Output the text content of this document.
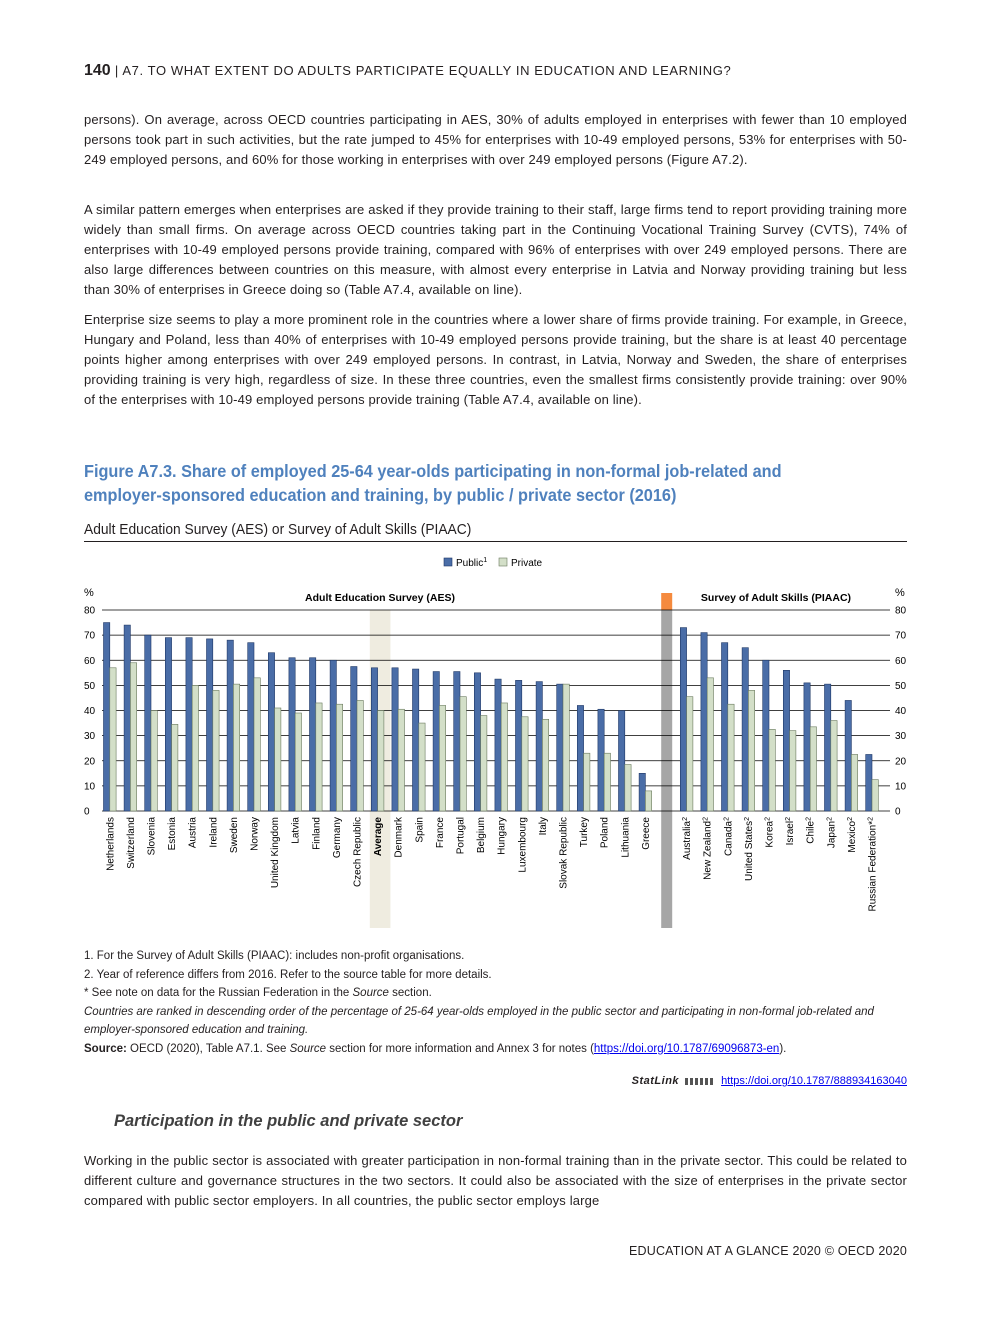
140 | A7. TO WHAT EXTENT DO ADULTS PARTICIPATE EQUALLY IN EDUCATION AND LEARNING?

persons). On average, across OECD countries participating in AES, 30% of adults employed in enterprises with fewer than 10 employed persons took part in such activities, but the rate jumped to 45% for enterprises with 10-49 employed persons, 53% for enterprises with 50-249 employed persons, and 60% for those working in enterprises with over 249 employed persons (Figure A7.2).

A similar pattern emerges when enterprises are asked if they provide training to their staff, large firms tend to report providing training more widely than small firms. On average across OECD countries taking part in the Continuing Vocational Training Survey (CVTS), 74% of enterprises with 10-49 employed persons provide training, compared with 96% of enterprises with over 249 employed persons. There are also large differences between countries on this measure, with almost every enterprise in Latvia and Norway providing training but less than 30% of enterprises in Greece doing so (Table A7.4, available on line).

Enterprise size seems to play a more prominent role in the countries where a lower share of firms provide training. For example, in Greece, Hungary and Poland, less than 40% of enterprises with 10-49 employed persons provide training, but the share is at least 40 percentage points higher among enterprises with over 249 employed persons. In contrast, in Latvia, Norway and Sweden, the share of enterprises providing training is very high, regardless of size. In these three countries, even the smallest firms consistently provide training: over 90% of the enterprises with 10-49 employed persons provide training (Table A7.4, available on line).

Figure A7.3. Share of employed 25-64 year-olds participating in non-formal job-related and employer-sponsored education and training, by public / private sector (2016)
Adult Education Survey (AES) or Survey of Adult Skills (PIAAC)
0	0
10	10
20	20
30	30
40	40
50	50
60	60
70	70
80	80
%	%
Adult Education Survey (AES)	Survey of Adult Skills (PIAAC)
Public$^1$ Private
Netherlands Switzerland Slovenia Estonia Austria Ireland Sweden Norway United Kingdom Latvia Finland Germany Czech Republic Average Denmark Spain France Portugal Belgium Hungary Luxembourg Italy Slovak Republic Turkey Poland Lithuania Greece	Australia$^2$
New Zealand$^2$
Canada$^2$
United States$^2$
Korea$^2$
Israel$^2$
Chile$^2$
Japan$^2$
Mexico$^2$
Russian Federation*$^2$
1. For the Survey of Adult Skills (PIAAC): includes non-profit organisations.
2. Year of reference differs from 2016. Refer to the source table for more details.
* See note on data for the Russian Federation in the Source section.
Countries are ranked in descending order of the percentage of 25-64 year-olds employed in the public sector and participating in non-formal job-related and employer-sponsored education and training.
Source: OECD (2020), Table A7.1. See Source section for more information and Annex 3 for notes (https://doi.org/10.1787/69096873-en).
StatLink	https://doi.org/10.1787/888934163040
Participation in the public and private sector

Working in the public sector is associated with greater participation in non-formal training than in the private sector. This could be related to different culture and governance structures in the two sectors. It could also be associated with the size of enterprises in the private sector compared with public sector employers. In all countries, the public sector employs large

EDUCATION AT A GLANCE 2020 © OECD 2020
